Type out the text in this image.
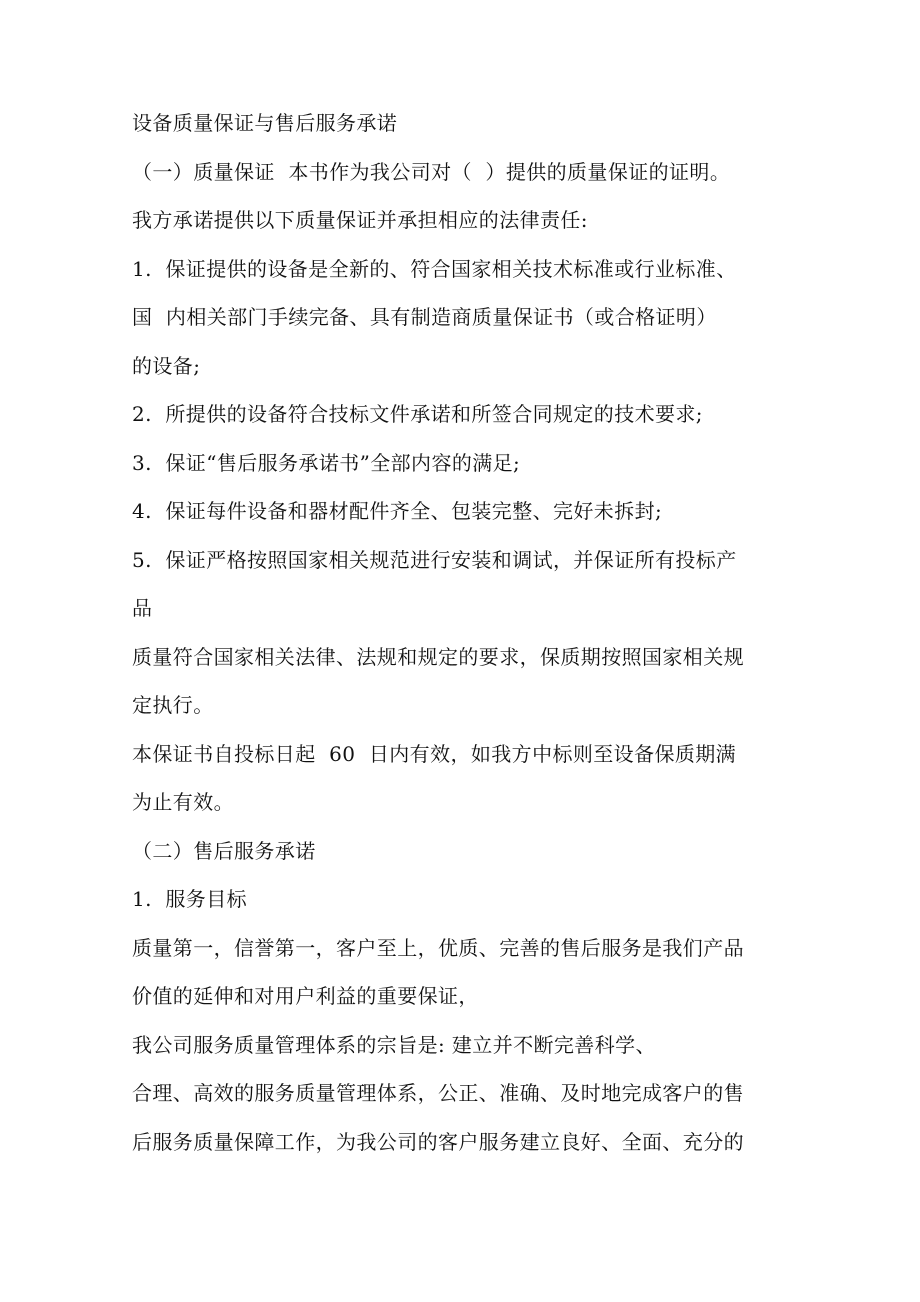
设备质量保证与售后服务承诺
（一）质量保证  本书作为我公司对（  ）提供的质量保证的证明。
我方承诺提供以下质量保证并承担相应的法律责任:
1.  保证提供的设备是全新的、符合国家相关技术标准或行业标准、
国  内相关部门手续完备、具有制造商质量保证书（或合格证明）
的设备;
2.  所提供的设备符合技标文件承诺和所签合同规定的技术要求;
3.  保证“售后服务承诺书”全部内容的满足;
4.  保证每件设备和器材配件齐全、包装完整、完好未拆封;
5.  保证严格按照国家相关规范进行安装和调试，并保证所有投标产
品
质量符合国家相关法律、法规和规定的要求，保质期按照国家相关规
定执行。
本保证书自投标日起  60  日内有效，如我方中标则至设备保质期满
为止有效。
（二）售后服务承诺
1.  服务目标
质量第一，信誉第一，客户至上，优质、完善的售后服务是我们产品
价值的延伸和对用户利益的重要保证，
我公司服务质量管理体系的宗旨是: 建立并不断完善科学、
合理、高效的服务质量管理体系，公正、准确、及时地完成客户的售
后服务质量保障工作，为我公司的客户服务建立良好、全面、充分的
